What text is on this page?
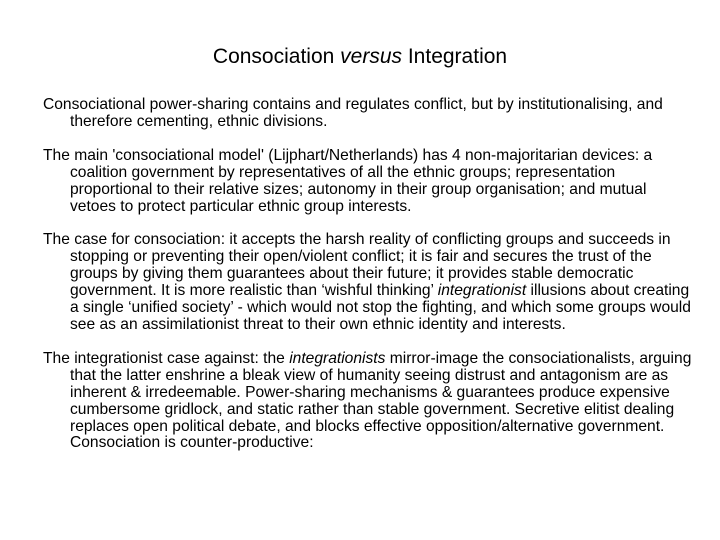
Consociation versus Integration

Consociational power-sharing contains and regulates conflict, but by institutionalising, and therefore cementing, ethnic divisions.

The main 'consociational model' (Lijphart/Netherlands) has 4 non-majoritarian devices: a coalition government by representatives of all the ethnic groups; representation proportional to their relative sizes; autonomy in their group organisation; and mutual vetoes to protect particular ethnic group interests.

The case for consociation: it accepts the harsh reality of conflicting groups and succeeds in stopping or preventing their open/violent conflict; it is fair and secures the trust of the groups by giving them guarantees about their future; it provides stable democratic government. It is more realistic than ‘wishful thinking’ integrationist illusions about creating a single ‘unified society’ - which would not stop the fighting, and which some groups would see as an assimilationist threat to their own ethnic identity and interests.

The integrationist case against: the integrationists mirror-image the consociationalists, arguing that the latter enshrine a bleak view of humanity seeing distrust and antagonism are as inherent & irredeemable. Power-sharing mechanisms & guarantees produce expensive cumbersome gridlock, and static rather than stable government. Secretive elitist dealing replaces open political debate, and blocks effective opposition/alternative government. Consociation is counter-productive:
